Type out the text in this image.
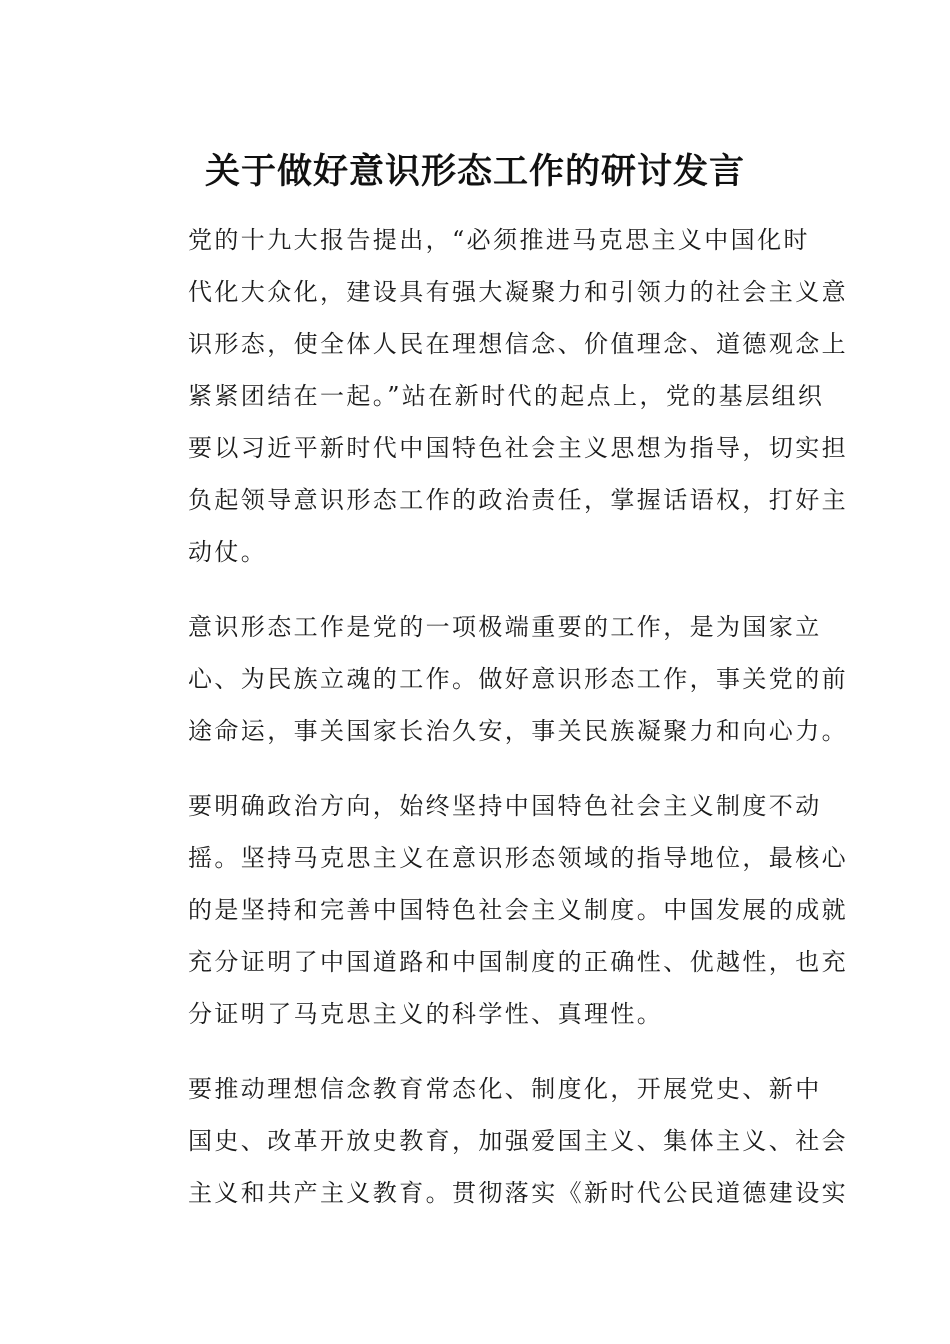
关于做好意识形态工作的研讨发言

党的十九大报告提出，“必须推进马克思主义中国化时
代化大众化，建设具有强大凝聚力和引领力的社会主义意
识形态，使全体人民在理想信念、价值理念、道德观念上
紧紧团结在一起。”站在新时代的起点上，党的基层组织
要以习近平新时代中国特色社会主义思想为指导，切实担
负起领导意识形态工作的政治责任，掌握话语权，打好主
动仗。

意识形态工作是党的一项极端重要的工作，是为国家立
心、为民族立魂的工作。做好意识形态工作，事关党的前
途命运，事关国家长治久安，事关民族凝聚力和向心力。

要明确政治方向，始终坚持中国特色社会主义制度不动
摇。坚持马克思主义在意识形态领域的指导地位，最核心
的是坚持和完善中国特色社会主义制度。中国发展的成就
充分证明了中国道路和中国制度的正确性、优越性，也充
分证明了马克思主义的科学性、真理性。

要推动理想信念教育常态化、制度化，开展党史、新中
国史、改革开放史教育，加强爱国主义、集体主义、社会
主义和共产主义教育。贯彻落实《新时代公民道德建设实
